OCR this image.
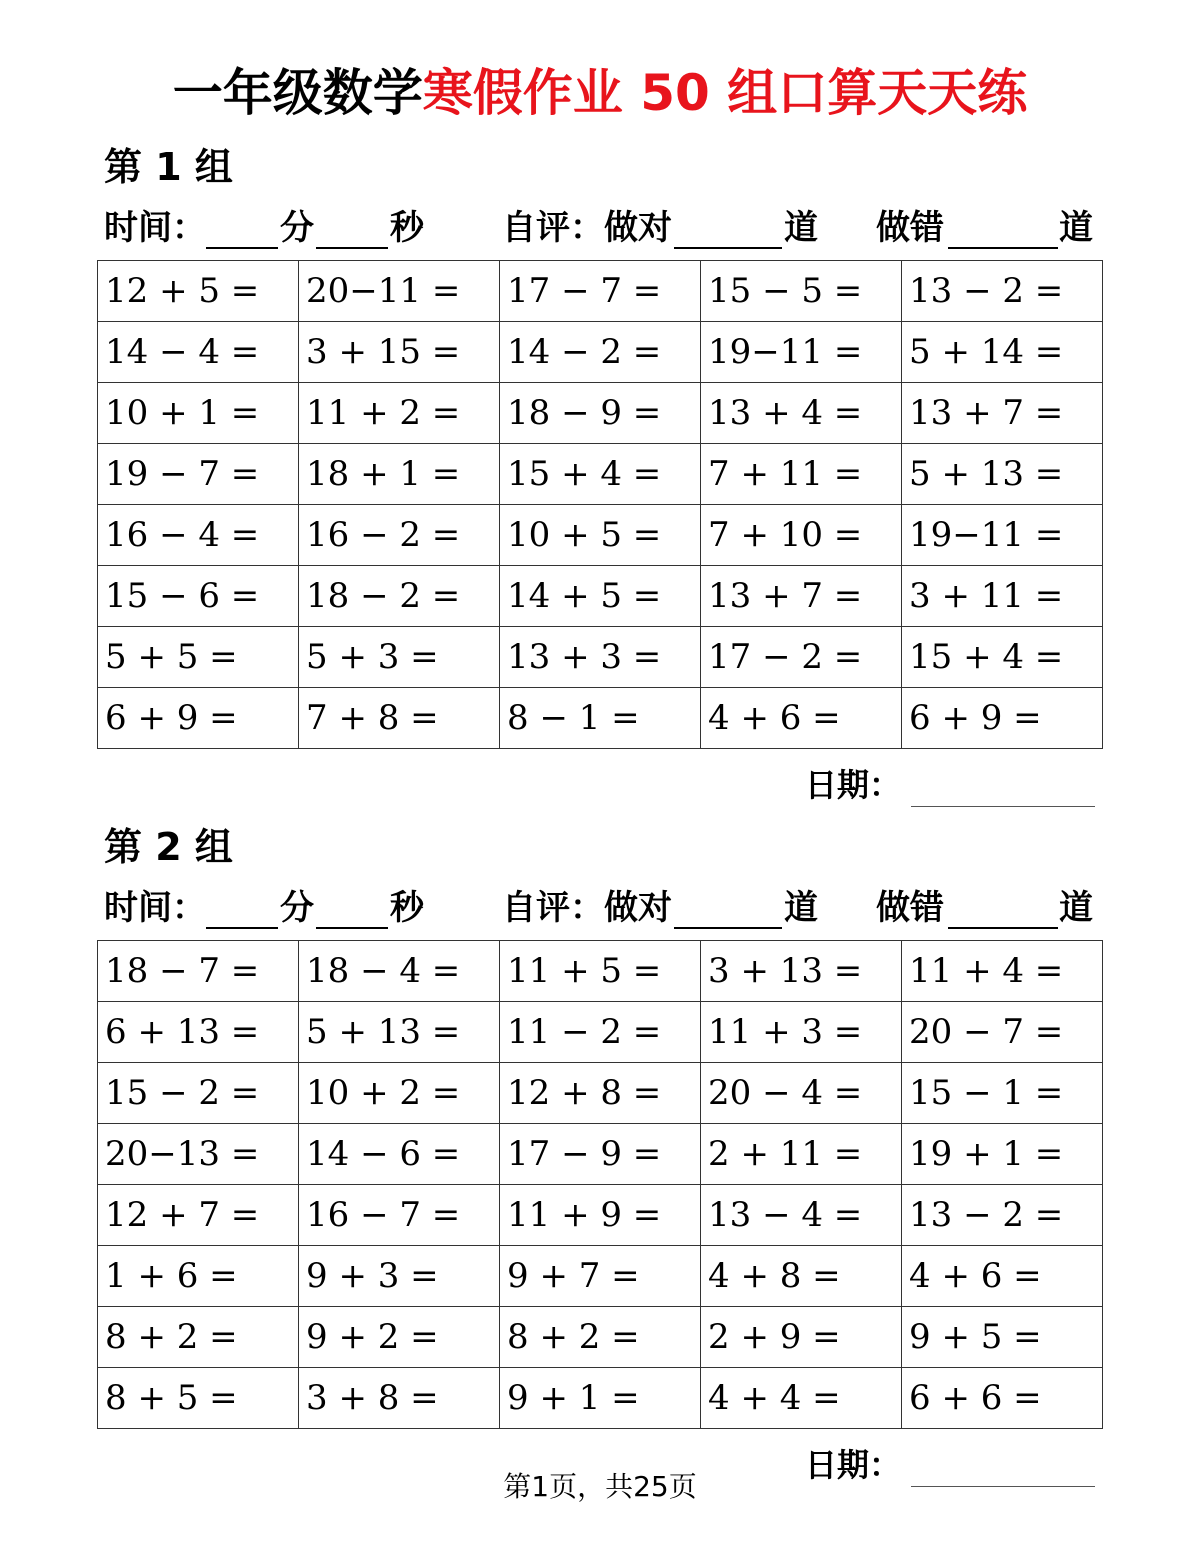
一年级数学寒假作业 50 组口算天天练
第 1 组
时间： 分 秒 自评：做对	道 做错	道
12 + 5 =	20−11 =	17 − 7 =	15 − 5 =	13 − 2 =
14 − 4 =	3 + 15 =	14 − 2 =	19−11 =	5 + 14 =
10 + 1 =	11 + 2 =	18 − 9 =	13 + 4 =	13 + 7 =
19 − 7 =	18 + 1 =	15 + 4 =	7 + 11 =	5 + 13 =
16 − 4 =	16 − 2 =	10 + 5 =	7 + 10 =	19−11 =
15 − 6 =	18 − 2 =	14 + 5 =	13 + 7 =	3 + 11 =
5 + 5 =	5 + 3 =	13 + 3 =	17 − 2 =	15 + 4 =
6 + 9 =	7 + 8 =	8 − 1 =	4 + 6 =	6 + 9 =
日期：
第 2 组
时间： 分 秒 自评：做对	道 做错	道
18 − 7 =	18 − 4 =	11 + 5 =	3 + 13 =	11 + 4 =
6 + 13 =	5 + 13 =	11 − 2 =	11 + 3 =	20 − 7 =
15 − 2 =	10 + 2 =	12 + 8 =	20 − 4 =	15 − 1 =
20−13 =	14 − 6 =	17 − 9 =	2 + 11 =	19 + 1 =
12 + 7 =	16 − 7 =	11 + 9 =	13 − 4 =	13 − 2 =
1 + 6 =	9 + 3 =	9 + 7 =	4 + 8 =	4 + 6 =
8 + 2 =	9 + 2 =	8 + 2 =	2 + 9 =	9 + 5 =
8 + 5 =	3 + 8 =	9 + 1 =	4 + 4 =	6 + 6 =
日期：
第1页，共25页
